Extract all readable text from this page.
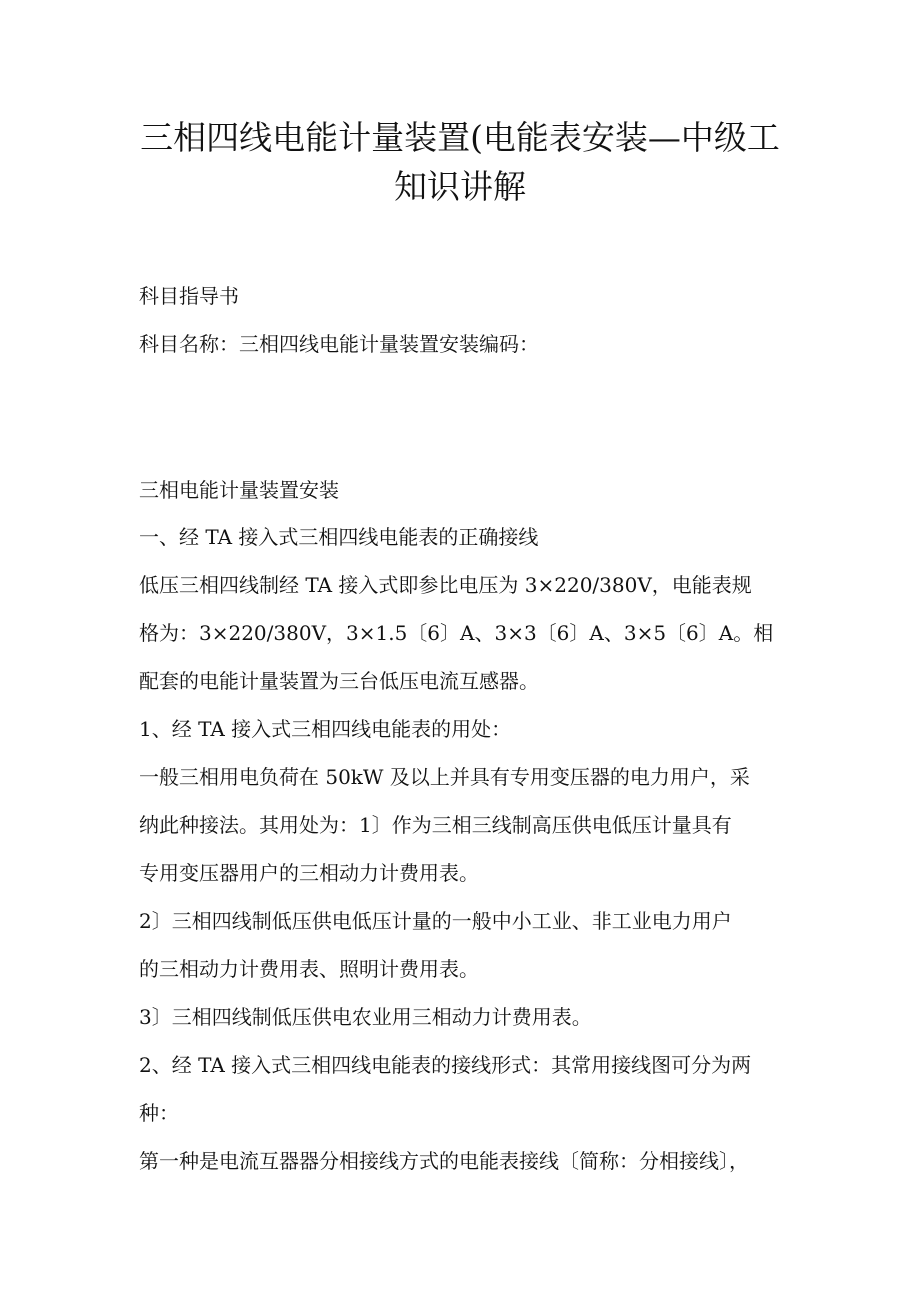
三相四线电能计量装置(电能表安装—中级工
知识讲解
科目指导书
科目名称：三相四线电能计量装置安装编码：
三相电能计量装置安装
一、经 TA 接入式三相四线电能表的正确接线
低压三相四线制经 TA 接入式即参比电压为 3×220/380V，电能表规
格为：3×220/380V，3×1.5〔6〕A、3×3〔6〕A、3×5〔6〕A。相
配套的电能计量装置为三台低压电流互感器。
1、经 TA 接入式三相四线电能表的用处：
一般三相用电负荷在 50kW 及以上并具有专用变压器的电力用户，采
纳此种接法。其用处为：1〕作为三相三线制高压供电低压计量具有
专用变压器用户的三相动力计费用表。
2〕三相四线制低压供电低压计量的一般中小工业、非工业电力用户
的三相动力计费用表、照明计费用表。
3〕三相四线制低压供电农业用三相动力计费用表。
2、经 TA 接入式三相四线电能表的接线形式：其常用接线图可分为两
种：
第一种是电流互器器分相接线方式的电能表接线〔简称：分相接线〕，
